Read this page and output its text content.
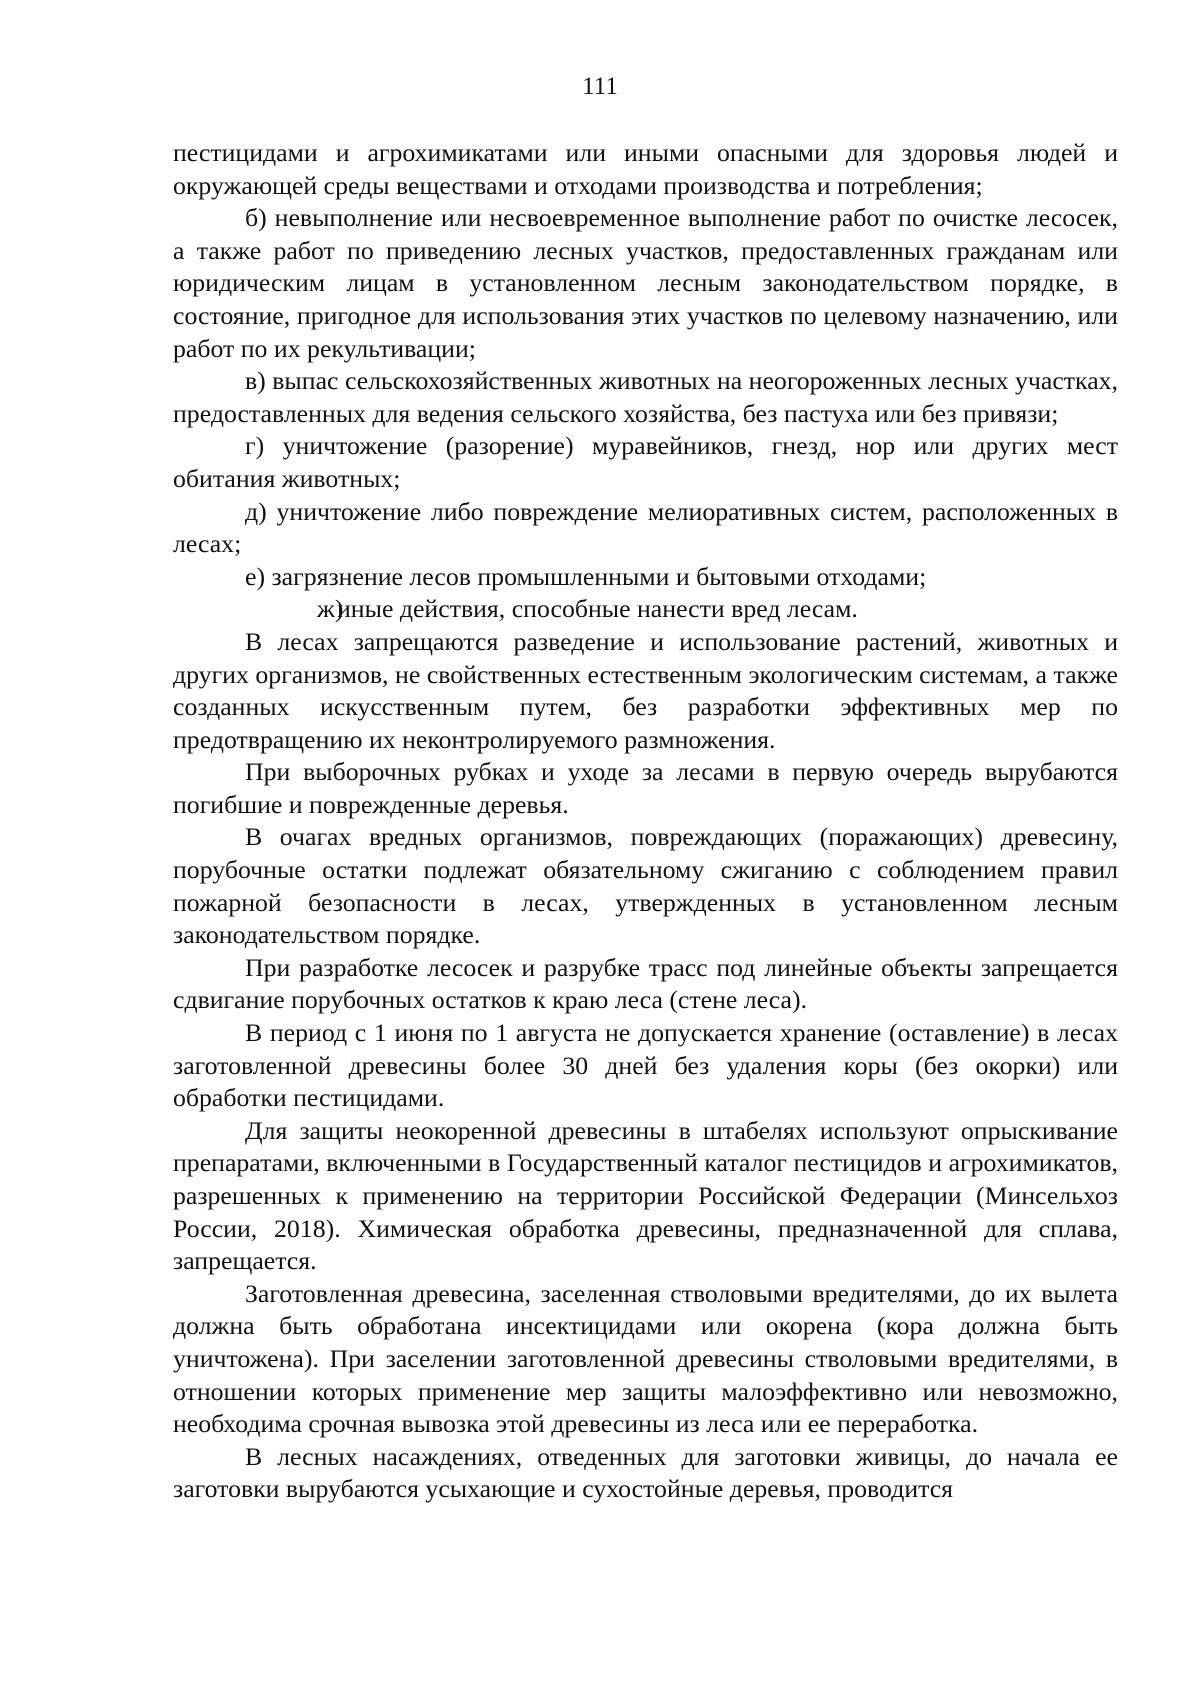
111

пестицидами и агрохимикатами или иными опасными для здоровья людей и окружающей среды веществами и отходами производства и потребления;

б) невыполнение или несвоевременное выполнение работ по очистке лесосек, а также работ по приведению лесных участков, предоставленных гражданам или юридическим лицам в установленном лесным законодательством порядке, в состояние, пригодное для использования этих участков по целевому назначению, или работ по их рекультивации;

в) выпас сельскохозяйственных животных на неогороженных лесных участках, предоставленных для ведения сельского хозяйства, без пастуха или без привязи;

г) уничтожение (разорение) муравейников, гнезд, нор или других мест обитания животных;

д) уничтожение либо повреждение мелиоративных систем, расположенных в лесах;

е) загрязнение лесов промышленными и бытовыми отходами;

ж)иные действия, способные нанести вред лесам.

В лесах запрещаются разведение и использование растений, животных и других организмов, не свойственных естественным экологическим системам, а также созданных искусственным путем, без разработки эффективных мер по предотвращению их неконтролируемого размножения.

При выборочных рубках и уходе за лесами в первую очередь вырубаются погибшие и поврежденные деревья.

В очагах вредных организмов, повреждающих (поражающих) древесину, порубочные остатки подлежат обязательному сжиганию с соблюдением правил пожарной безопасности в лесах, утвержденных в установленном лесным законодательством порядке.

При разработке лесосек и разрубке трасс под линейные объекты запрещается сдвигание порубочных остатков к краю леса (стене леса).

В период с 1 июня по 1 августа не допускается хранение (оставление) в лесах заготовленной древесины более 30 дней без удаления коры (без окорки) или обработки пестицидами.

Для защиты неокоренной древесины в штабелях используют опрыскивание препаратами, включенными в Государственный каталог пестицидов и агрохимикатов, разрешенных к применению на территории Российской Федерации (Минсельхоз России, 2018). Химическая обработка древесины, предназначенной для сплава, запрещается.

Заготовленная древесина, заселенная стволовыми вредителями, до их вылета должна быть обработана инсектицидами или окорена (кора должна быть уничтожена). При заселении заготовленной древесины стволовыми вредителями, в отношении которых применение мер защиты малоэффективно или невозможно, необходима срочная вывозка этой древесины из леса или ее переработка.

В лесных насаждениях, отведенных для заготовки живицы, до начала ее заготовки вырубаются усыхающие и сухостойные деревья, проводится
